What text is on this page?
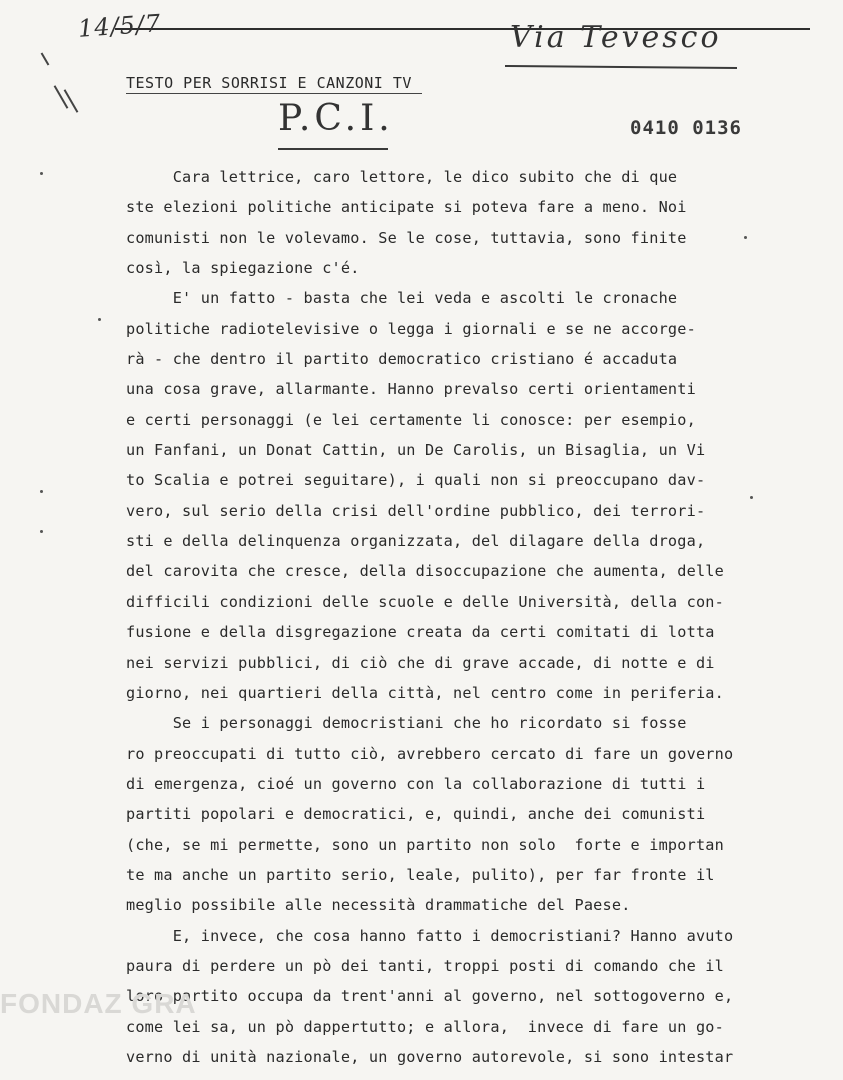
14/5/7	Via Tevesco
TESTO PER SORRISI E CANZONI TV
P.C.I.	0410 0136
Cara lettrice, caro lettore, le dico subito che di que
ste elezioni politiche anticipate si poteva fare a meno. Noi
comunisti non le volevamo. Se le cose, tuttavia, sono finite
così, la spiegazione c'é.
E' un fatto - basta che lei veda e ascolti le cronache
politiche radiotelevisive o legga i giornali e se ne accorge-
rà - che dentro il partito democratico cristiano é accaduta
una cosa grave, allarmante. Hanno prevalso certi orientamenti
e certi personaggi (e lei certamente li conosce: per esempio,
un Fanfani, un Donat Cattin, un De Carolis, un Bisaglia, un Vi
to Scalia e potrei seguitare), i quali non si preoccupano dav-
vero, sul serio della crisi dell'ordine pubblico, dei terrori-
sti e della delinquenza organizzata, del dilagare della droga,
del carovita che cresce, della disoccupazione che aumenta, delle
difficili condizioni delle scuole e delle Università, della con-
fusione e della disgregazione creata da certi comitati di lotta
nei servizi pubblici, di ciò che di grave accade, di notte e di
giorno, nei quartieri della città, nel centro come in periferia.
Se i personaggi democristiani che ho ricordato si fosse
ro preoccupati di tutto ciò, avrebbero cercato di fare un governo
di emergenza, cioé un governo con la collaborazione di tutti i
partiti popolari e democratici, e, quindi, anche dei comunisti
(che, se mi permette, sono un partito non solo  forte e importan
te ma anche un partito serio, leale, pulito), per far fronte il
meglio possibile alle necessità drammatiche del Paese.
E, invece, che cosa hanno fatto i democristiani? Hanno avuto
paura di perdere un pò dei tanti, troppi posti di comando che il
loro partito occupa da trent'anni al governo, nel sottogoverno e,
come lei sa, un pò dappertutto; e allora,  invece di fare un go-
verno di unità nazionale, un governo autorevole, si sono intestar
FONDAZ GRA
